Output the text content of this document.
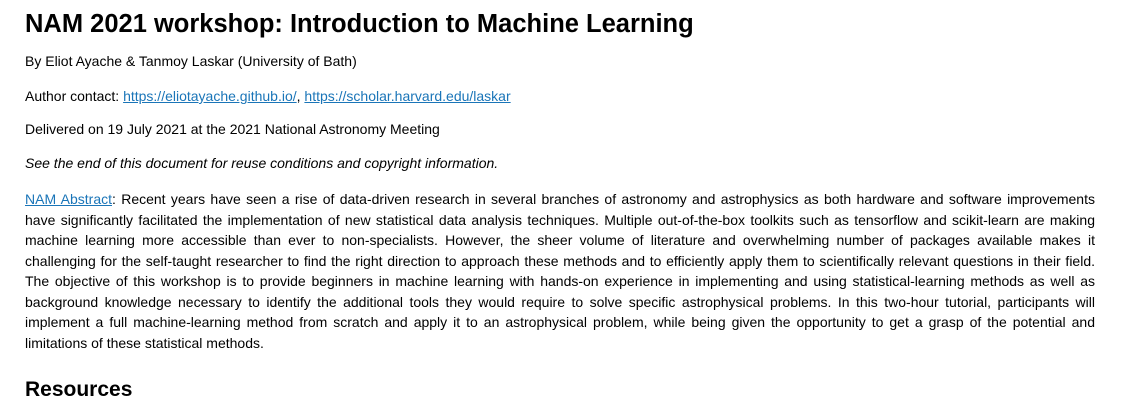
NAM 2021 workshop: Introduction to Machine Learning

By Eliot Ayache & Tanmoy Laskar (University of Bath)

Author contact: https://eliotayache.github.io/, https://scholar.harvard.edu/laskar

Delivered on 19 July 2021 at the 2021 National Astronomy Meeting

See the end of this document for reuse conditions and copyright information.

NAM Abstract: Recent years have seen a rise of data-driven research in several branches of astronomy and astrophysics as both hardware and software improvements have significantly facilitated the implementation of new statistical data analysis techniques. Multiple out-of-the-box toolkits such as tensorflow and scikit-learn are making machine learning more accessible than ever to non-specialists. However, the sheer volume of literature and overwhelming number of packages available makes it challenging for the self-taught researcher to find the right direction to approach these methods and to efficiently apply them to scientifically relevant questions in their field. The objective of this workshop is to provide beginners in machine learning with hands-on experience in implementing and using statistical-learning methods as well as background knowledge necessary to identify the additional tools they would require to solve specific astrophysical problems. In this two-hour tutorial, participants will implement a full machine-learning method from scratch and apply it to an astrophysical problem, while being given the opportunity to get a grasp of the potential and limitations of these statistical methods.

Resources
